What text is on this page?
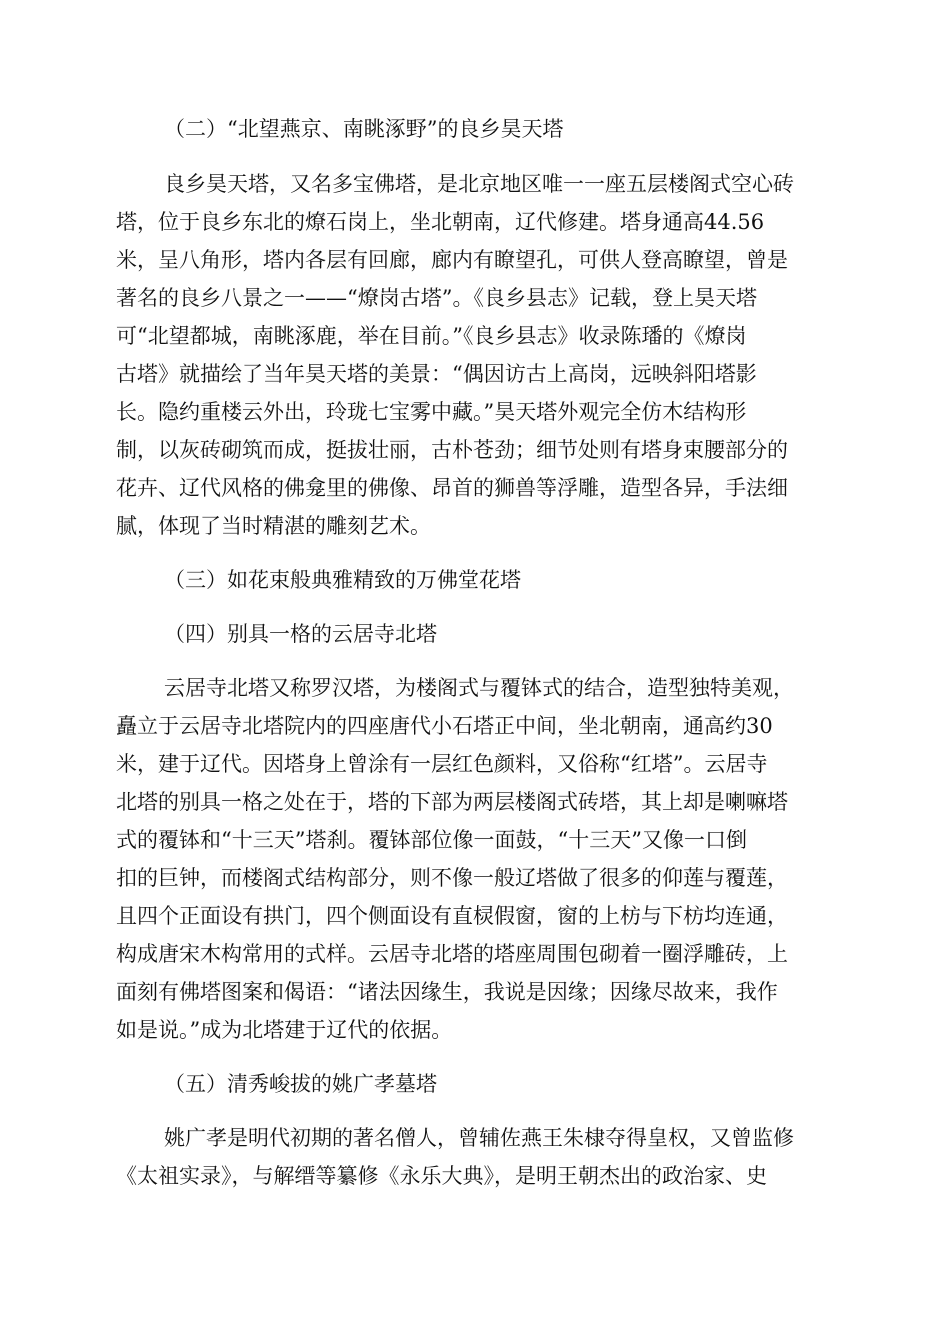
（二）“北望燕京、南眺涿野”的良乡昊天塔
良乡昊天塔，又名多宝佛塔，是北京地区唯一一座五层楼阁式空心砖
塔，位于良乡东北的燎石岗上，坐北朝南，辽代修建。塔身通高44.56
米，呈八角形，塔内各层有回廊，廊内有瞭望孔，可供人登高瞭望，曾是
著名的良乡八景之一——“燎岗古塔”。《良乡县志》记载，登上昊天塔
可“北望都城，南眺涿鹿，举在目前。”《良乡县志》收录陈璠的《燎岗
古塔》就描绘了当年昊天塔的美景：“偶因访古上高岗，远映斜阳塔影
长。隐约重楼云外出，玲珑七宝雾中藏。”昊天塔外观完全仿木结构形
制，以灰砖砌筑而成，挺拔壮丽，古朴苍劲；细节处则有塔身束腰部分的
花卉、辽代风格的佛龛里的佛像、昂首的狮兽等浮雕，造型各异，手法细
腻，体现了当时精湛的雕刻艺术。
（三）如花束般典雅精致的万佛堂花塔
（四）别具一格的云居寺北塔
云居寺北塔又称罗汉塔，为楼阁式与覆钵式的结合，造型独特美观，
矗立于云居寺北塔院内的四座唐代小石塔正中间，坐北朝南，通高约30
米，建于辽代。因塔身上曾涂有一层红色颜料，又俗称“红塔”。云居寺
北塔的别具一格之处在于，塔的下部为两层楼阁式砖塔，其上却是喇嘛塔
式的覆钵和“十三天”塔刹。覆钵部位像一面鼓，“十三天”又像一口倒
扣的巨钟，而楼阁式结构部分，则不像一般辽塔做了很多的仰莲与覆莲，
且四个正面设有拱门，四个侧面设有直棂假窗，窗的上枋与下枋均连通，
构成唐宋木构常用的式样。云居寺北塔的塔座周围包砌着一圈浮雕砖，上
面刻有佛塔图案和偈语：“诸法因缘生，我说是因缘；因缘尽故来，我作
如是说。”成为北塔建于辽代的依据。
（五）清秀峻拔的姚广孝墓塔
姚广孝是明代初期的著名僧人，曾辅佐燕王朱棣夺得皇权，又曾监修
《太祖实录》，与解缙等纂修《永乐大典》，是明王朝杰出的政治家、史
